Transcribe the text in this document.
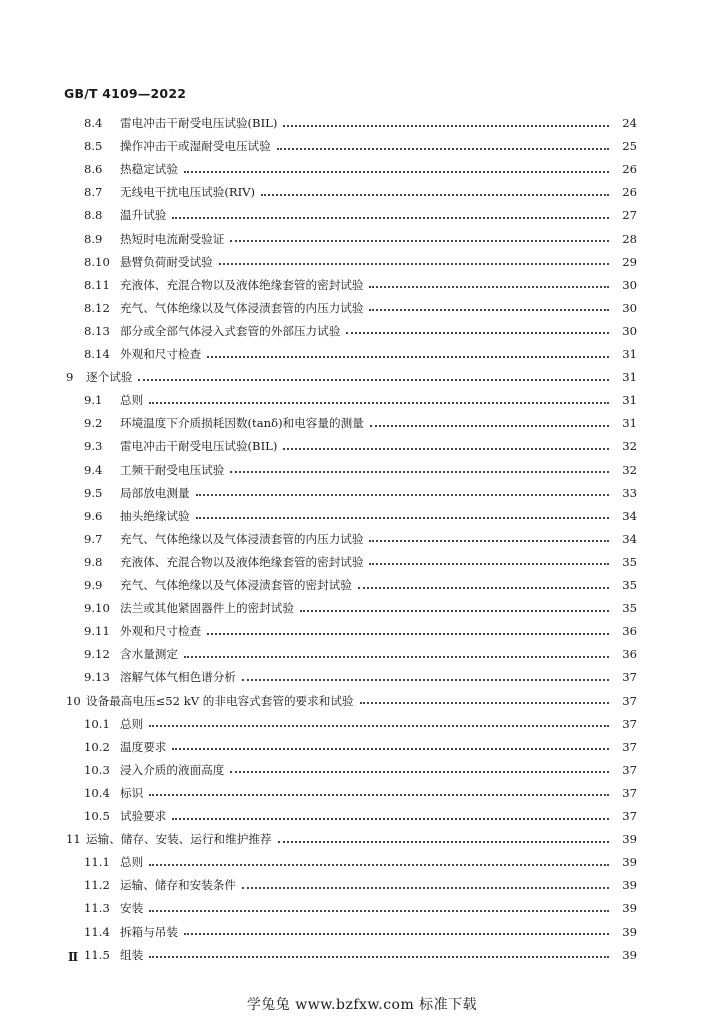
GB/T 4109—2022
8.4	雷电冲击干耐受电压试验(BIL)	24
8.5	操作冲击干或湿耐受电压试验	25
8.6	热稳定试验	26
8.7	无线电干扰电压试验(RIV)	26
8.8	温升试验	27
8.9	热短时电流耐受验证	28
8.10 悬臂负荷耐受试验	29
8.11 充液体、充混合物以及液体绝缘套管的密封试验	30
8.12 充气、气体绝缘以及气体浸渍套管的内压力试验	30
8.13 部分或全部气体浸入式套管的外部压力试验	30
8.14 外观和尺寸检查	31
9	逐个试验	31
9.1	总则	31
9.2	环境温度下介质损耗因数(tanδ)和电容量的测量	31
9.3	雷电冲击干耐受电压试验(BIL)	32
9.4	工频干耐受电压试验	32
9.5	局部放电测量	33
9.6	抽头绝缘试验	34
9.7	充气、气体绝缘以及气体浸渍套管的内压力试验	34
9.8	充液体、充混合物以及液体绝缘套管的密封试验	35
9.9	充气、气体绝缘以及气体浸渍套管的密封试验	35
9.10 法兰或其他紧固器件上的密封试验	35
9.11 外观和尺寸检查	36
9.12 含水量测定	36
9.13 溶解气体气相色谱分析	37
10 设备最高电压≤52 kV 的非电容式套管的要求和试验	37
10.1 总则	37
10.2 温度要求	37
10.3 浸入介质的液面高度	37
10.4 标识	37
10.5 试验要求	37
11 运输、储存、安装、运行和维护推荐	39
11.1 总则	39
11.2 运输、储存和安装条件	39
11.3 安装	39
11.4 拆箱与吊装	39
11.5 组装	39
Ⅱ
学兔兔 www.bzfxw.com 标准下载
